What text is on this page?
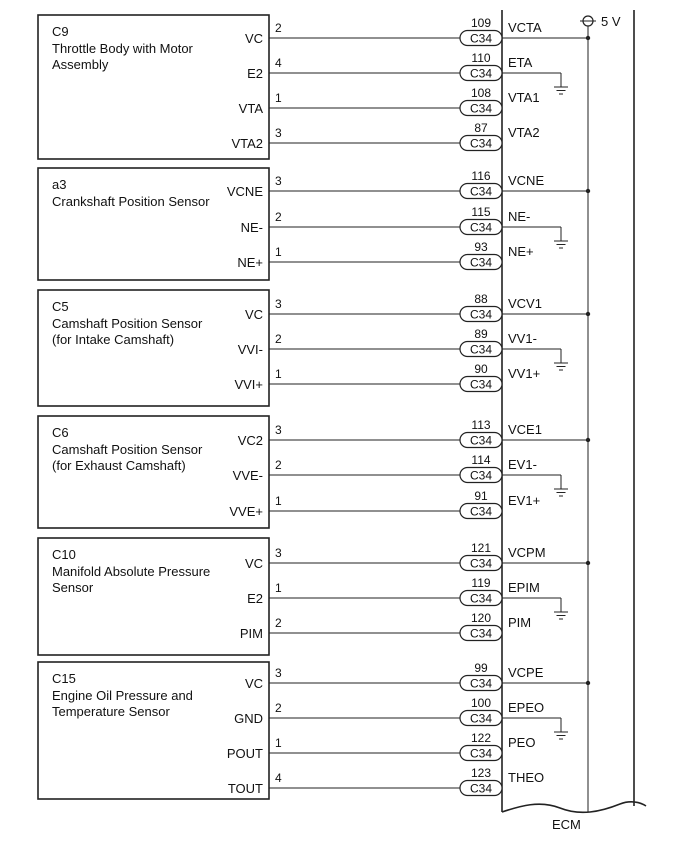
5 V
ECM
C9
Throttle Body with Motor
Assembly
VC
2
C34
109 VCTA
E2
4
C34
110 ETA
VTA
1
C34
108 VTA1
VTA2
3
C34
87 VTA2
a3
Crankshaft Position Sensor
VCNE
3
C34
116 VCNE
NE-
2
C34
115 NE-
NE+
1
C34
93 NE+
C5
Camshaft Position Sensor
(for Intake Camshaft)
VC
3
C34
88 VCV1
VVI-
2
C34
89 VV1-
VVI+
1
C34
90 VV1+
C6
Camshaft Position Sensor
(for Exhaust Camshaft)
VC2
3
C34
113 VCE1
VVE-
2
C34
114 EV1-
VVE+
1
C34
91 EV1+
C10
Manifold Absolute Pressure
Sensor
VC
3
C34
121 VCPM
E2
1
C34
119 EPIM
PIM
2
C34
120 PIM
C15
Engine Oil Pressure and
Temperature Sensor
VC
3
C34
99 VCPE
GND
2
C34
100 EPEO
POUT
1
C34
122 PEO
TOUT
4
C34
123 THEO
